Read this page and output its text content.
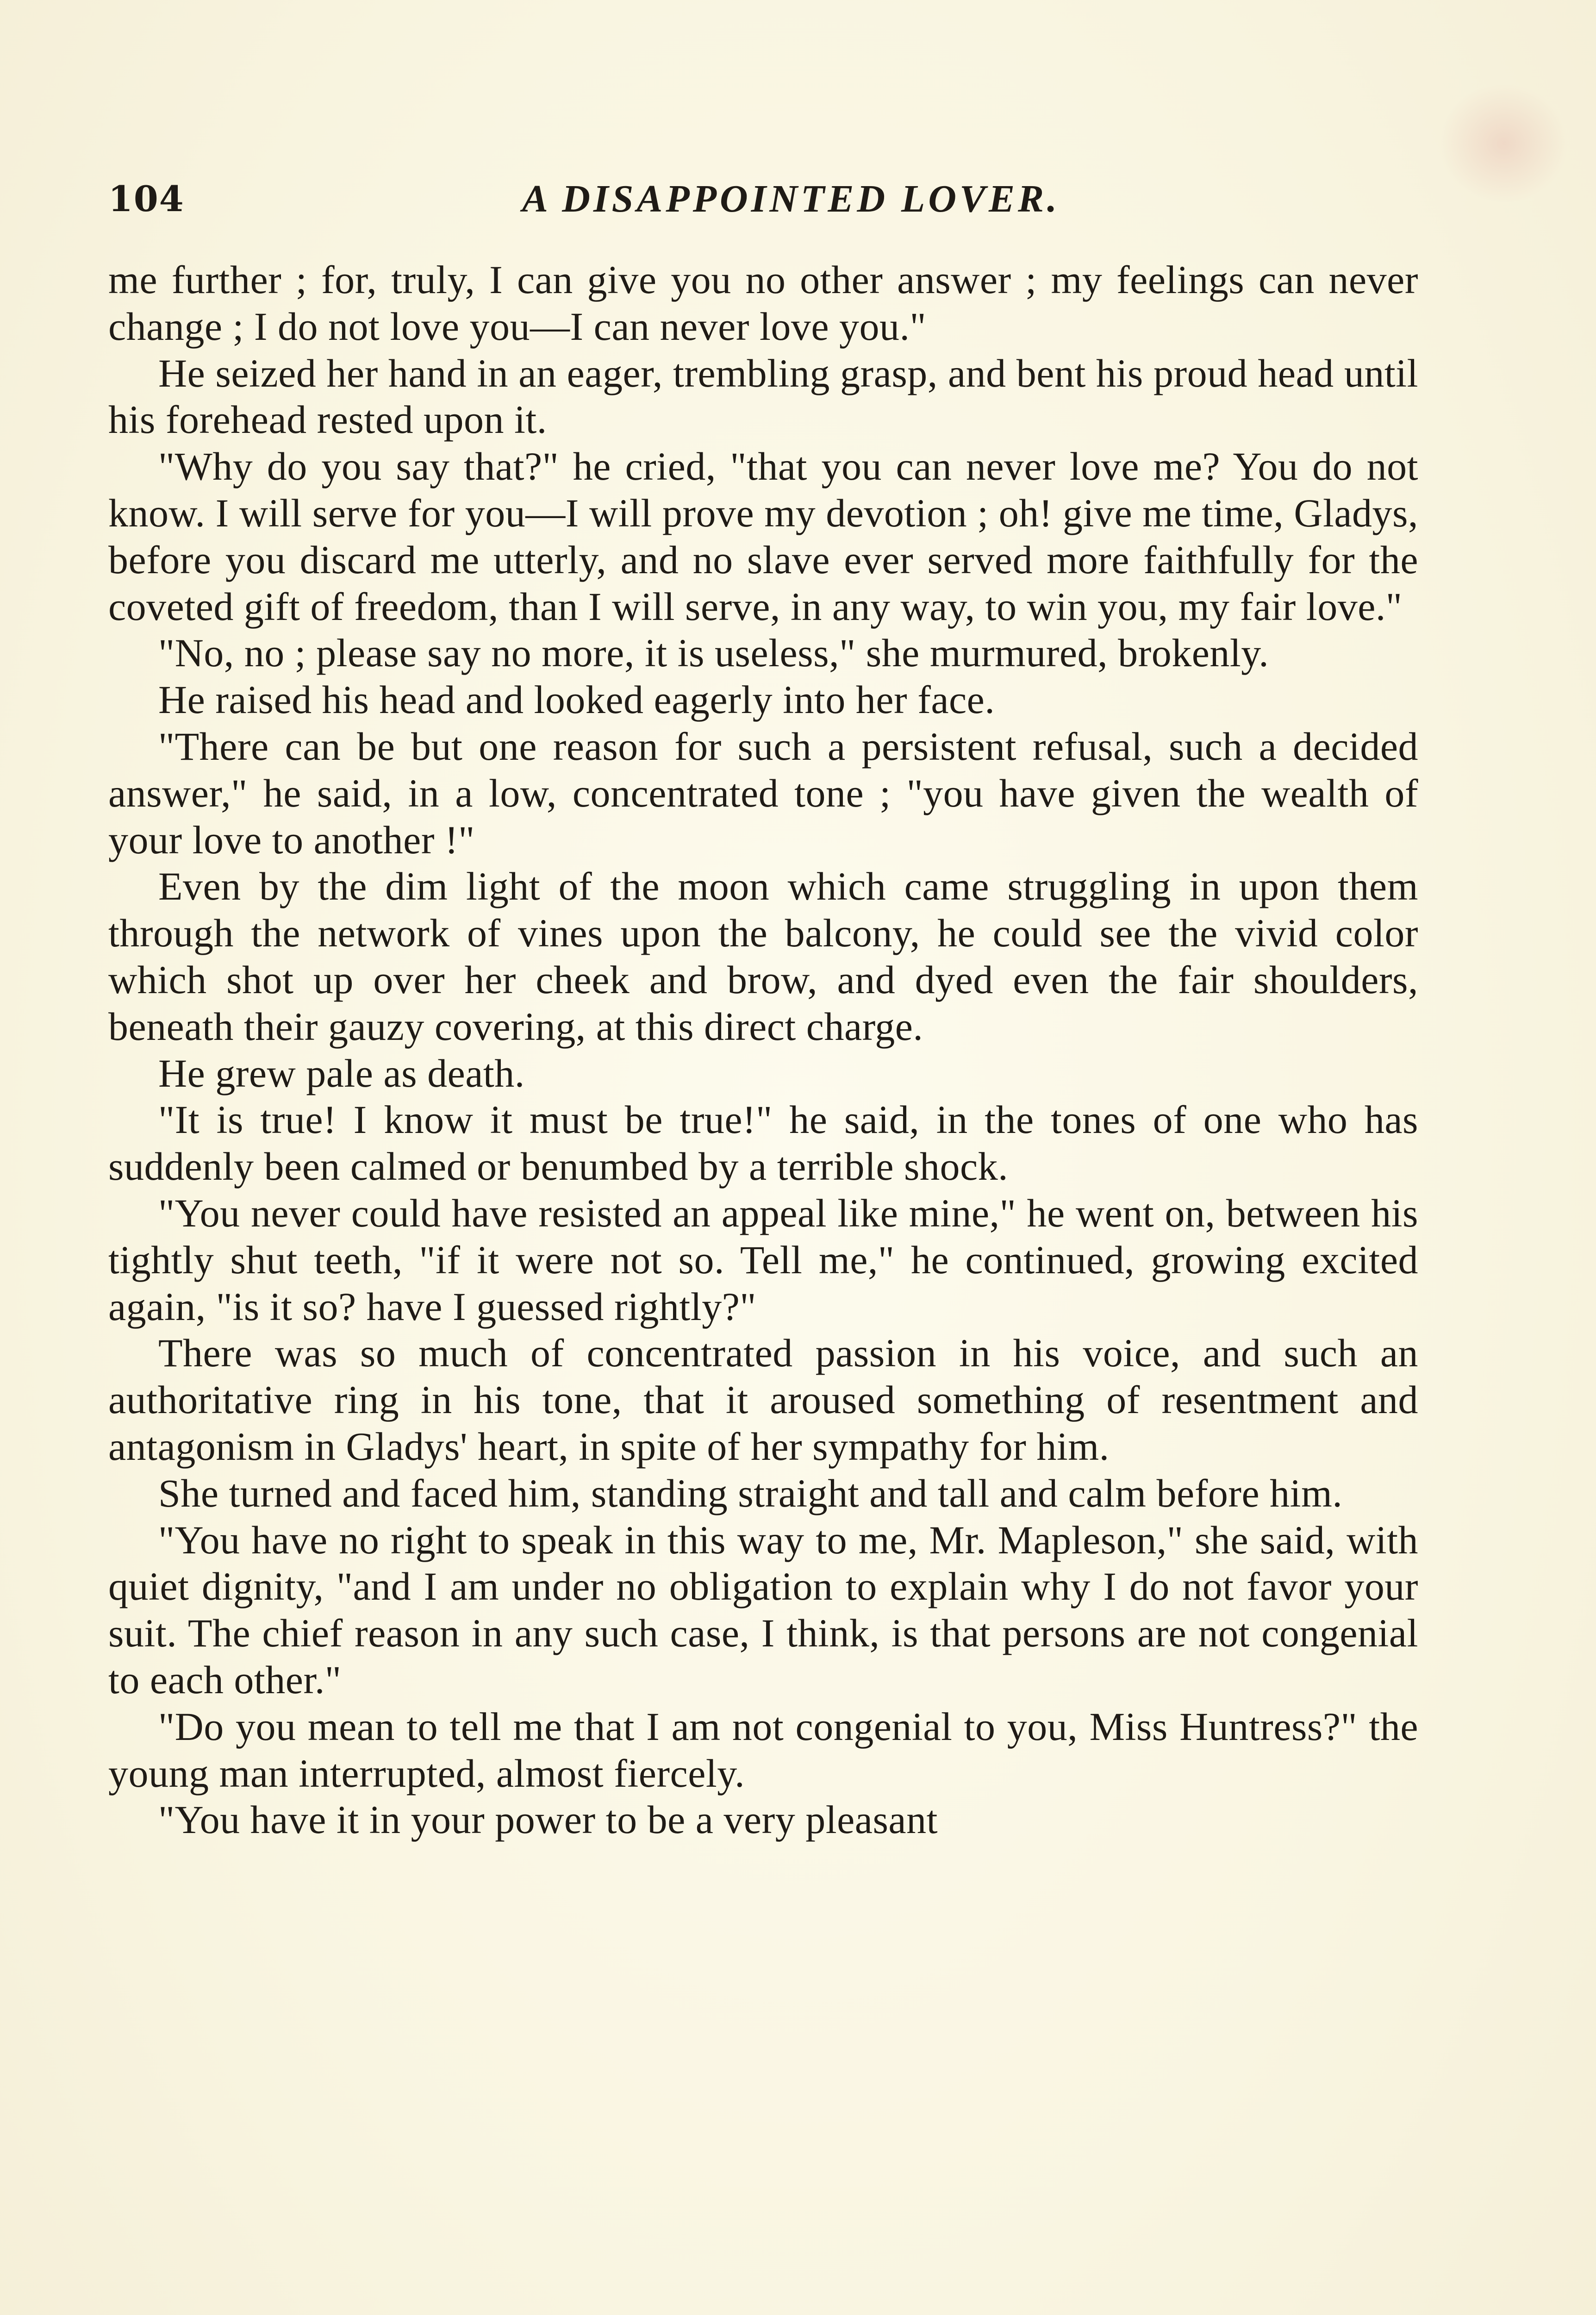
104	A DISAPPOINTED LOVER.

me further ; for, truly, I can give you no other answer ; my feelings can never change ; I do not love you—I can never love you."

He seized her hand in an eager, trembling grasp, and bent his proud head until his forehead rested upon it.

"Why do you say that?" he cried, "that you can never love me? You do not know. I will serve for you—I will prove my devotion ; oh! give me time, Gladys, before you discard me utterly, and no slave ever served more faithfully for the coveted gift of freedom, than I will serve, in any way, to win you, my fair love."

"No, no ; please say no more, it is useless," she murmured, brokenly.

He raised his head and looked eagerly into her face.

"There can be but one reason for such a persistent refusal, such a decided answer," he said, in a low, concentrated tone ; "you have given the wealth of your love to another !"

Even by the dim light of the moon which came struggling in upon them through the network of vines upon the balcony, he could see the vivid color which shot up over her cheek and brow, and dyed even the fair shoulders, beneath their gauzy covering, at this direct charge.

He grew pale as death.

"It is true! I know it must be true!" he said, in the tones of one who has suddenly been calmed or benumbed by a terrible shock.

"You never could have resisted an appeal like mine," he went on, between his tightly shut teeth, "if it were not so. Tell me," he continued, growing excited again, "is it so? have I guessed rightly?"

There was so much of concentrated passion in his voice, and such an authoritative ring in his tone, that it aroused something of resentment and antagonism in Gladys' heart, in spite of her sympathy for him.

She turned and faced him, standing straight and tall and calm before him.

"You have no right to speak in this way to me, Mr. Mapleson," she said, with quiet dignity, "and I am under no obligation to explain why I do not favor your suit. The chief reason in any such case, I think, is that persons are not congenial to each other."

"Do you mean to tell me that I am not congenial to you, Miss Huntress?" the young man interrupted, almost fiercely.

"You have it in your power to be a very pleasant
